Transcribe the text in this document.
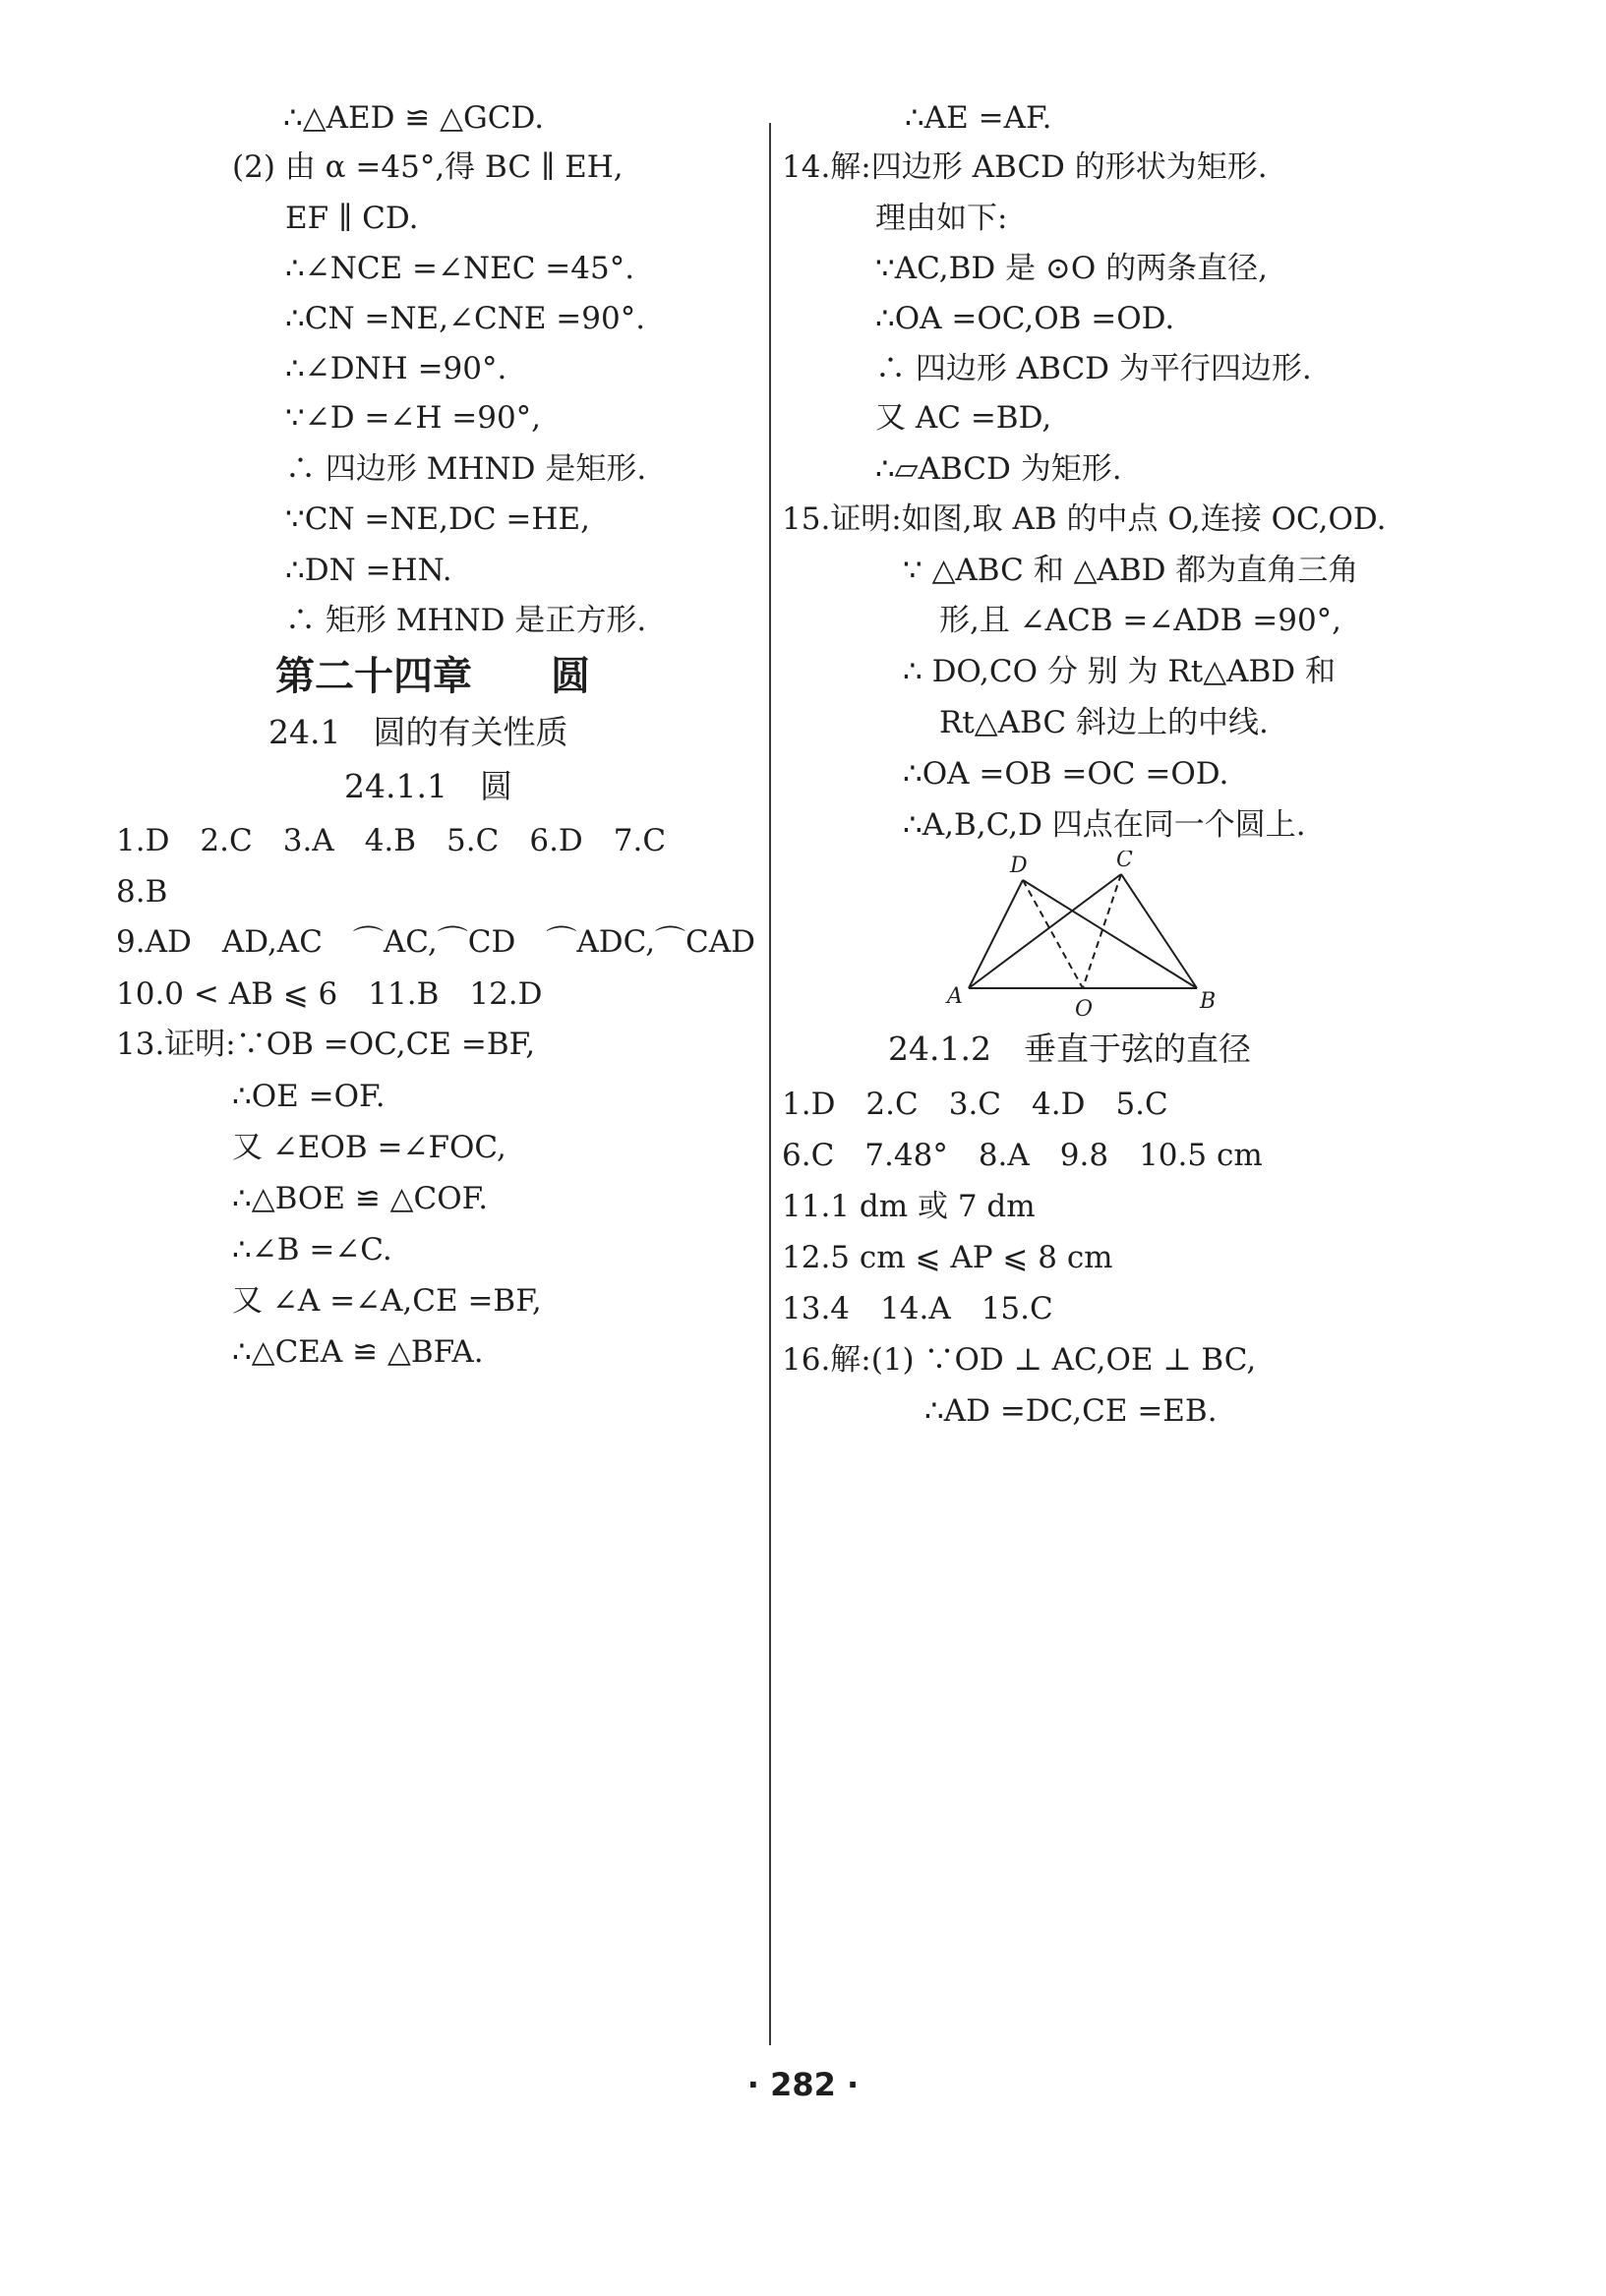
∴△AED ≌ △GCD.
(2) 由 α =45°,得 BC ∥ EH,
EF ∥ CD.
∴∠NCE =∠NEC =45°.
∴CN =NE,∠CNE =90°.
∴∠DNH =90°.
∵∠D =∠H =90°,
∴ 四边形 MHND 是矩形.
∵CN =NE,DC =HE,
∴DN =HN.
∴ 矩形 MHND 是正方形.
第二十四章　　圆
24.1　圆的有关性质
24.1.1　圆
1.D　2.C　3.A　4.B　5.C　6.D　7.C
8.B
9.AD　AD,AC　⌒AC,⌒CD　⌒ADC,⌒CAD
10.0 < AB ⩽ 6　11.B　12.D
13.证明:∵OB =OC,CE =BF,
∴OE =OF.
又 ∠EOB =∠FOC,
∴△BOE ≌ △COF.
∴∠B =∠C.
又 ∠A =∠A,CE =BF,
∴△CEA ≌ △BFA.
∴AE =AF.
14.解:四边形 ABCD 的形状为矩形.
理由如下:
∵AC,BD 是 ⊙O 的两条直径,
∴OA =OC,OB =OD.
∴ 四边形 ABCD 为平行四边形.
又 AC =BD,
∴▱ABCD 为矩形.
15.证明:如图,取 AB 的中点 O,连接 OC,OD.
∵ △ABC 和 △ABD 都为直角三角
形,且 ∠ACB =∠ADB =90°,
∴ DO,CO 分 别 为 Rt△ABD 和
Rt△ABC 斜边上的中线.
∴OA =OB =OC =OD.
∴A,B,C,D 四点在同一个圆上.
D	C
A	B
O
24.1.2　垂直于弦的直径
1.D　2.C　3.C　4.D　5.C
6.C　7.48°　8.A　9.8　10.5 cm
11.1 dm 或 7 dm
12.5 cm ⩽ AP ⩽ 8 cm
13.4　14.A　15.C
16.解:(1) ∵OD ⊥ AC,OE ⊥ BC,
∴AD =DC,CE =EB.
· 282 ·
